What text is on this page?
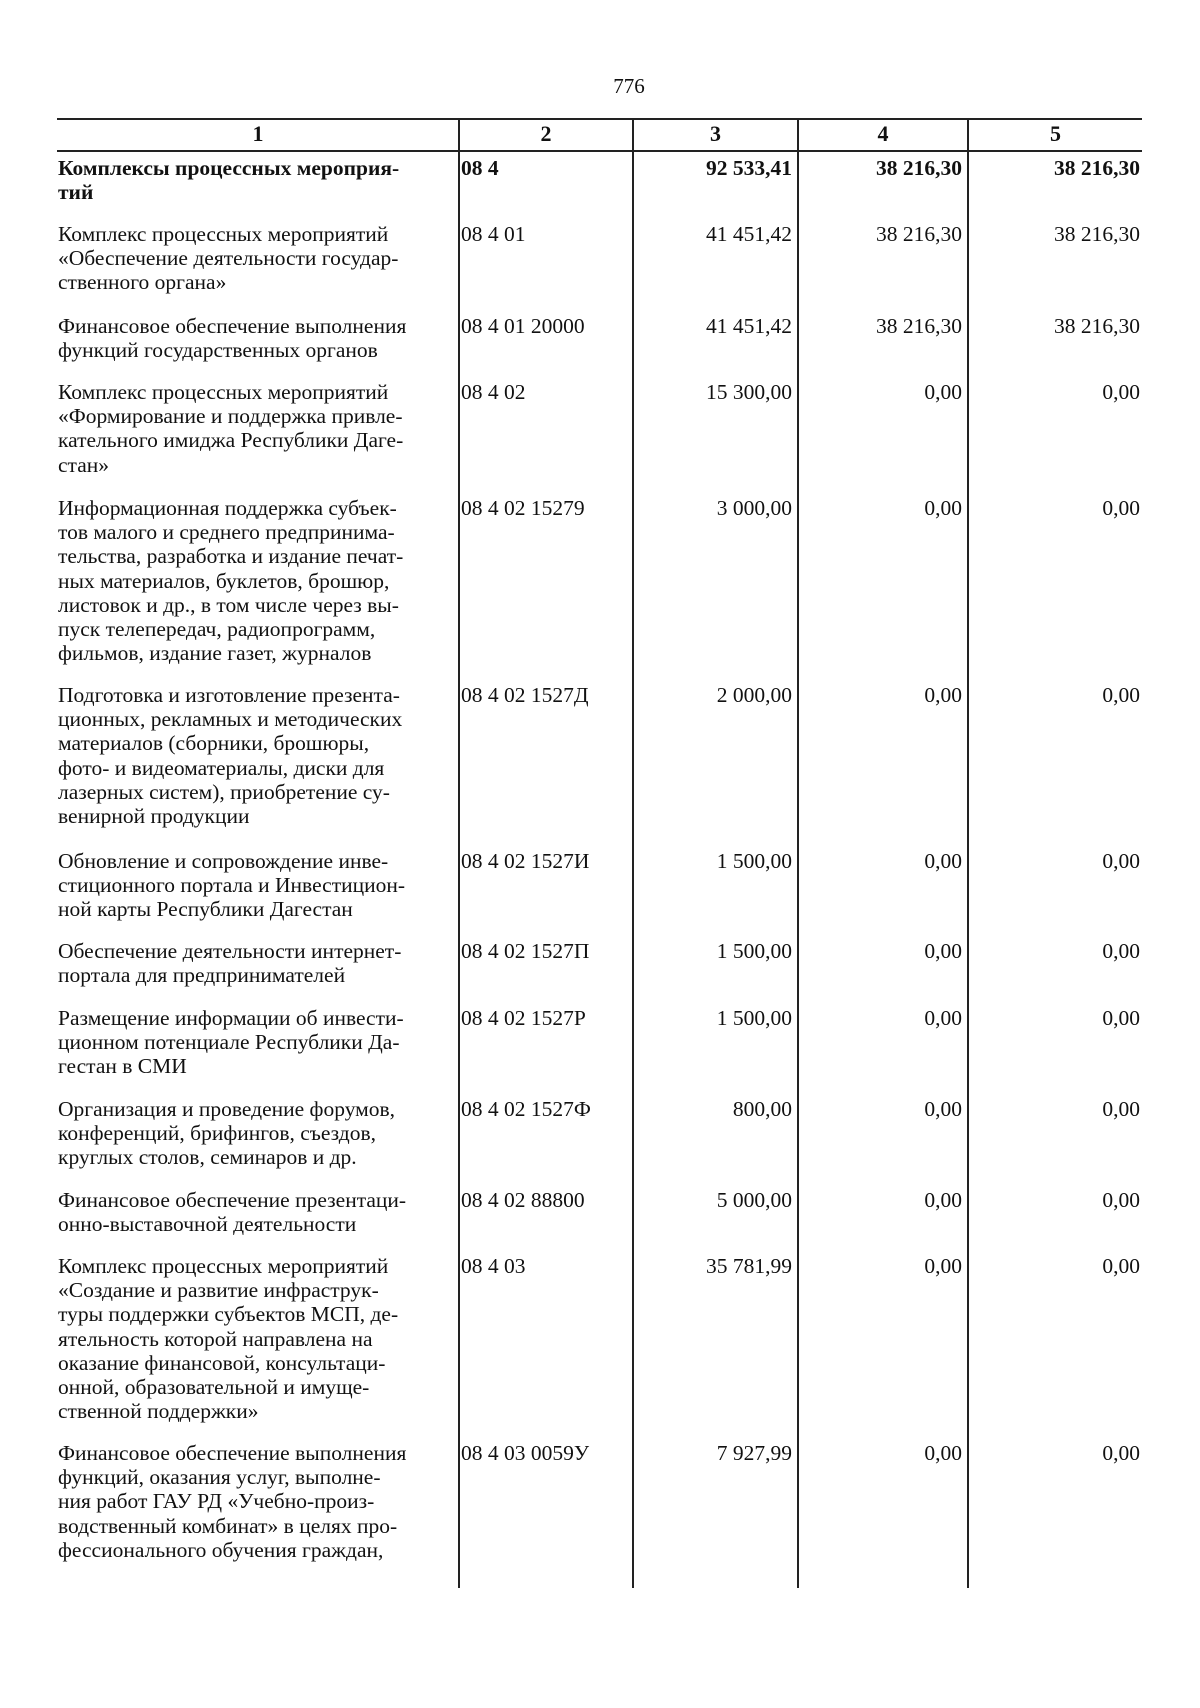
776
1	2	3	4	5
Комплексы процессных мероприя-
тий
08 4	92 533,41	38 216,30	38 216,30
Комплекс процессных мероприятий
«Обеспечение деятельности государ-
ственного органа»
08 4 01	41 451,42	38 216,30	38 216,30
Финансовое обеспечение выполнения
функций государственных органов
08 4 01 20000	41 451,42	38 216,30	38 216,30
Комплекс процессных мероприятий
«Формирование и поддержка привле-
кательного имиджа Республики Даге-
стан»
08 4 02	15 300,00	0,00	0,00
Информационная поддержка субъек-
тов малого и среднего предпринима-
тельства, разработка и издание печат-
ных материалов, буклетов, брошюр,
листовок и др., в том числе через вы-
пуск телепередач, радиопрограмм,
фильмов, издание газет, журналов
08 4 02 15279	3 000,00	0,00	0,00
Подготовка и изготовление презента-
ционных, рекламных и методических
материалов (сборники, брошюры,
фото- и видеоматериалы, диски для
лазерных систем), приобретение су-
венирной продукции
08 4 02 1527Д	2 000,00	0,00	0,00
Обновление и сопровождение инве-
стиционного портала и Инвестицион-
ной карты Республики Дагестан
08 4 02 1527И	1 500,00	0,00	0,00
Обеспечение деятельности интернет-
портала для предпринимателей
08 4 02 1527П	1 500,00	0,00	0,00
Размещение информации об инвести-
ционном потенциале Республики Да-
гестан в СМИ
08 4 02 1527Р	1 500,00	0,00	0,00
Организация и проведение форумов,
конференций, брифингов, съездов,
круглых столов, семинаров и др.
08 4 02 1527Ф	800,00	0,00	0,00
Финансовое обеспечение презентаци-
онно-выставочной деятельности
08 4 02 88800	5 000,00	0,00	0,00
Комплекс процессных мероприятий
«Создание и развитие инфраструк-
туры поддержки субъектов МСП, де-
ятельность которой направлена на
оказание финансовой, консультаци-
онной, образовательной и имуще-
ственной поддержки»
08 4 03	35 781,99	0,00	0,00
Финансовое обеспечение выполнения
функций, оказания услуг, выполне-
ния работ ГАУ РД «Учебно-произ-
водственный комбинат» в целях про-
фессионального обучения граждан,
08 4 03 0059У	7 927,99	0,00	0,00
